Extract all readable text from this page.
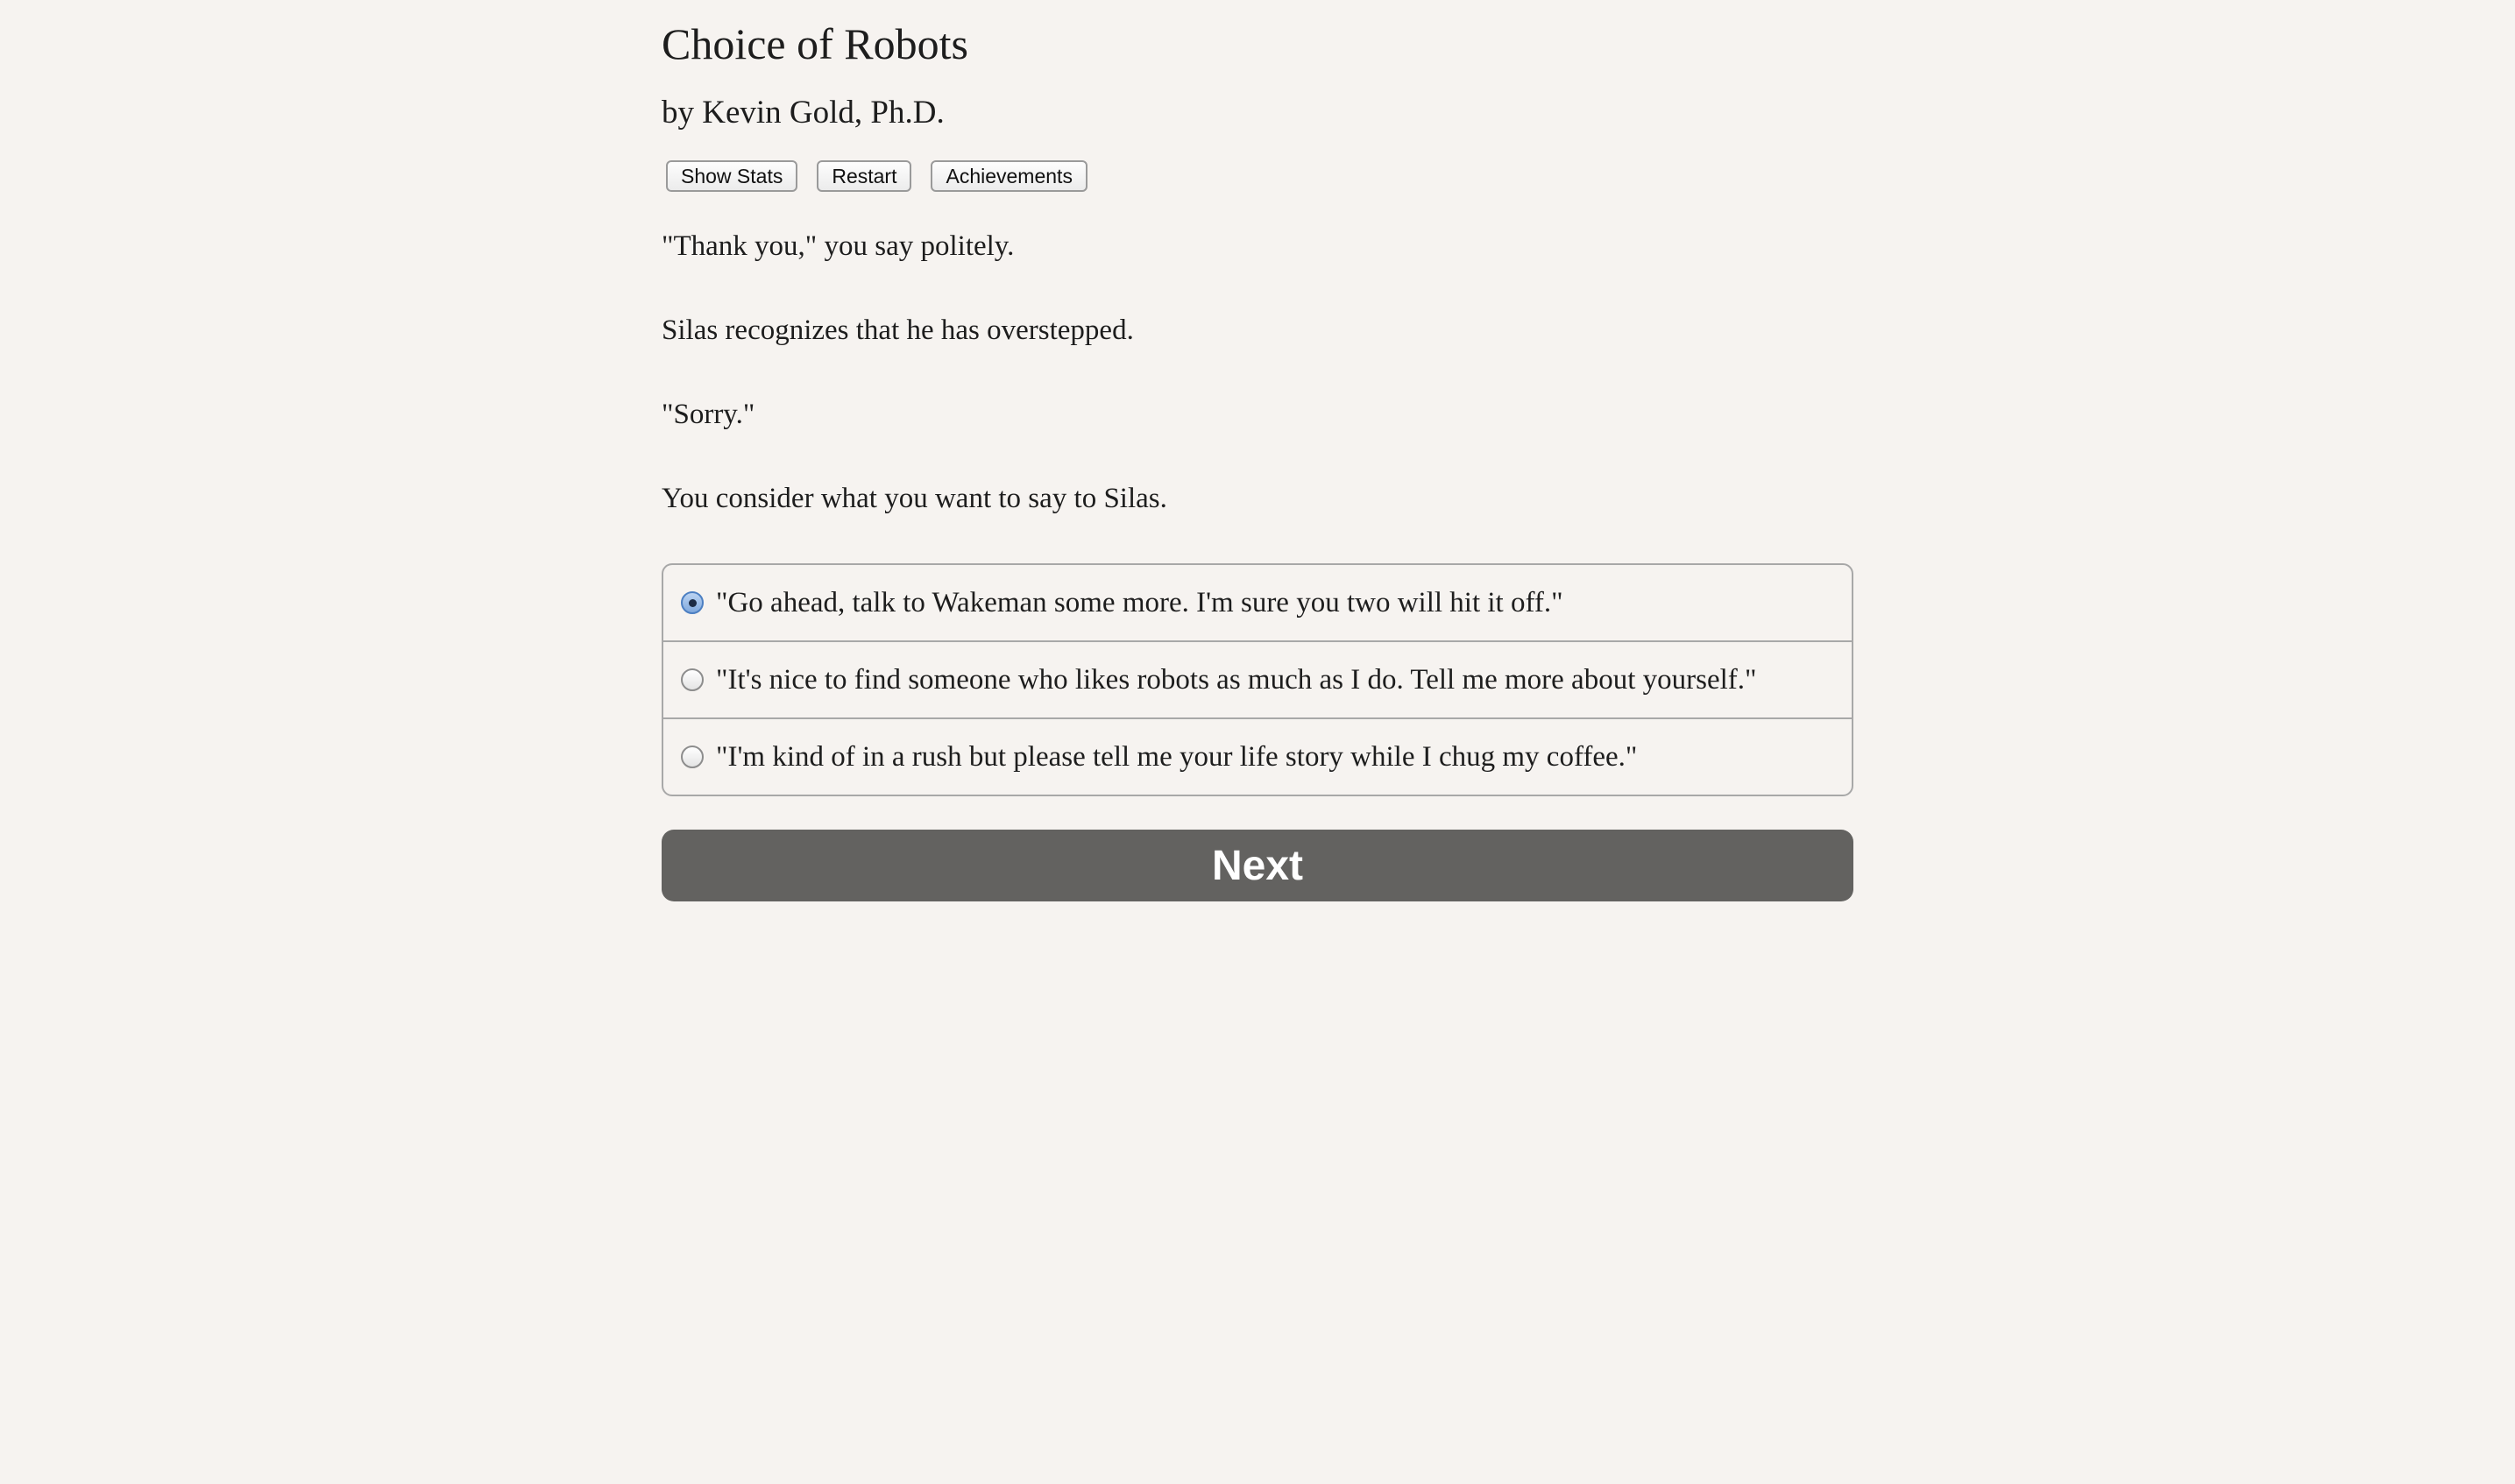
Choice of Robots
by Kevin Gold, Ph.D.
Show Stats	Restart	Achievements

"Thank you," you say politely.

Silas recognizes that he has overstepped.

"Sorry."

You consider what you want to say to Silas.

"Go ahead, talk to Wakeman some more. I'm sure you two will hit it off."
"It's nice to find someone who likes robots as much as I do. Tell me more about yourself."
"I'm kind of in a rush but please tell me your life story while I chug my coffee."
Next
